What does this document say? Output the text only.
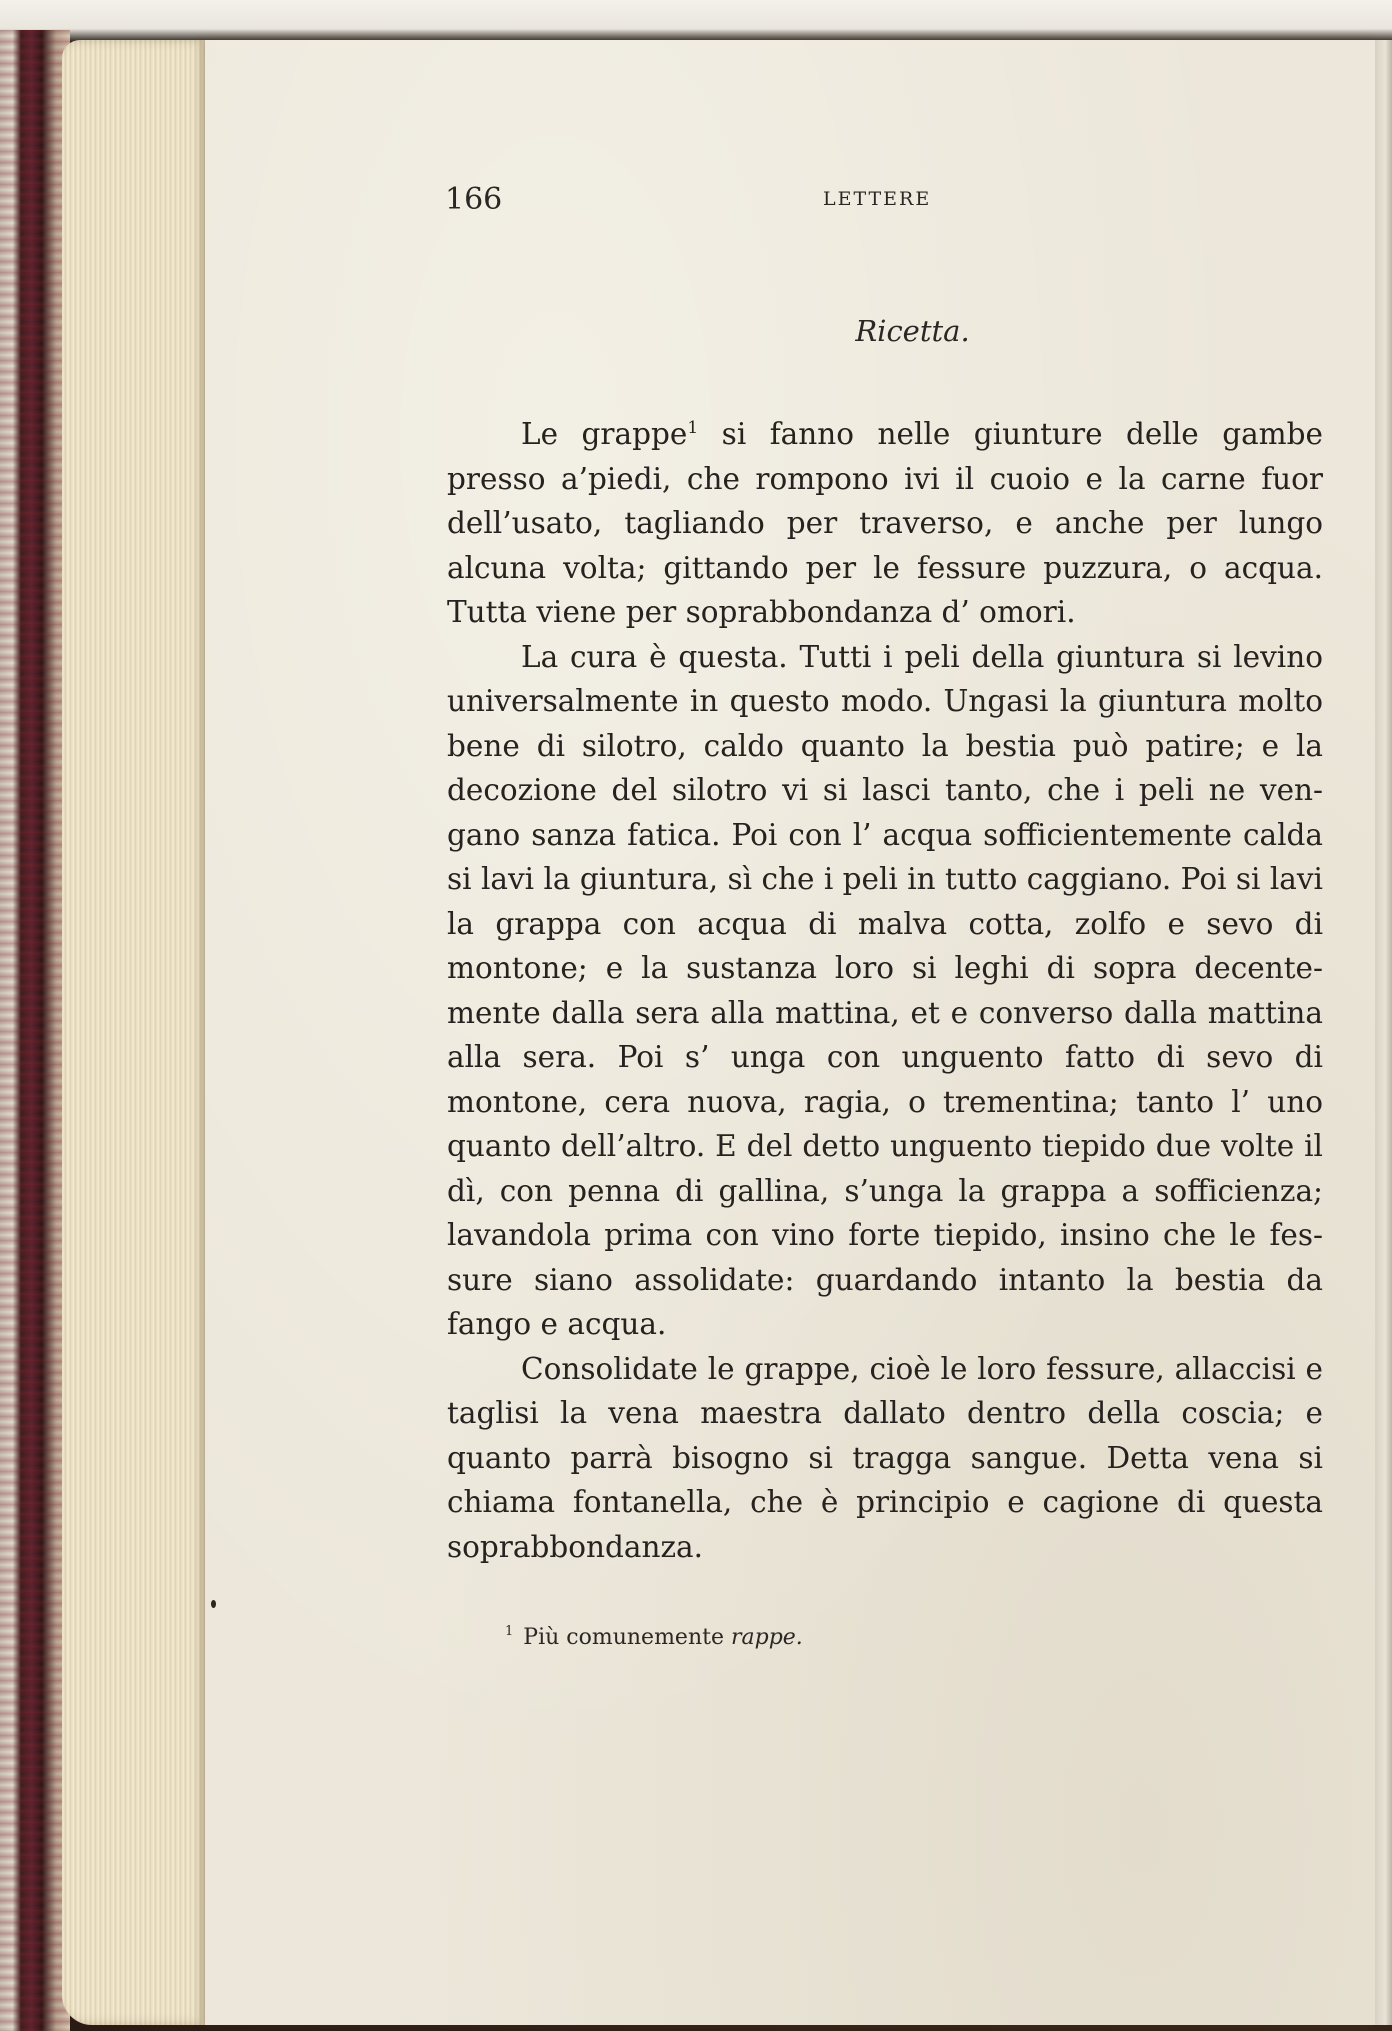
166	LETTERE
Ricetta.

Le grappe$^1$ si fanno nelle giunture delle gambe presso a’piedi, che rompono ivi il cuoio e la carne fuor dell’usato, tagliando per traverso, e anche per lungo alcuna volta; gittando per le fessure puzzura, o acqua. Tutta viene per soprabbondanza d’ omori.

La cura è questa. Tutti i peli della giuntura si levino universalmente in questo modo. Ungasi la giuntura molto bene di silotro, caldo quanto la bestia può patire; e la decozione del silotro vi si lasci tanto, che i peli ne vengano sanza fatica. Poi con l’ acqua sofficientemente calda si lavi la giuntura, sì che i peli in tutto caggiano. Poi si lavi la grappa con acqua di malva cotta, zolfo e sevo di montone; e la sustanza loro si leghi di sopra decentemente dalla sera alla mattina, et e converso dalla mattina alla sera. Poi s’ unga con unguento fatto di sevo di montone, cera nuova, ragia, o trementina; tanto l’ uno quanto dell’altro. E del detto unguento tiepido due volte il dì, con penna di gallina, s’unga la grappa a sofficienza; lavandola prima con vino forte tiepido, insino che le fessure siano assolidate: guardando intanto la bestia da fango e acqua.

Consolidate le grappe, cioè le loro fessure, allaccisi e taglisi la vena maestra dallato dentro della coscia; e quanto parrà bisogno si tragga sangue. Detta vena si chiama fontanella, che è principio e cagione di questa soprabbondanza.

$^1$ Più comunemente rappe.
